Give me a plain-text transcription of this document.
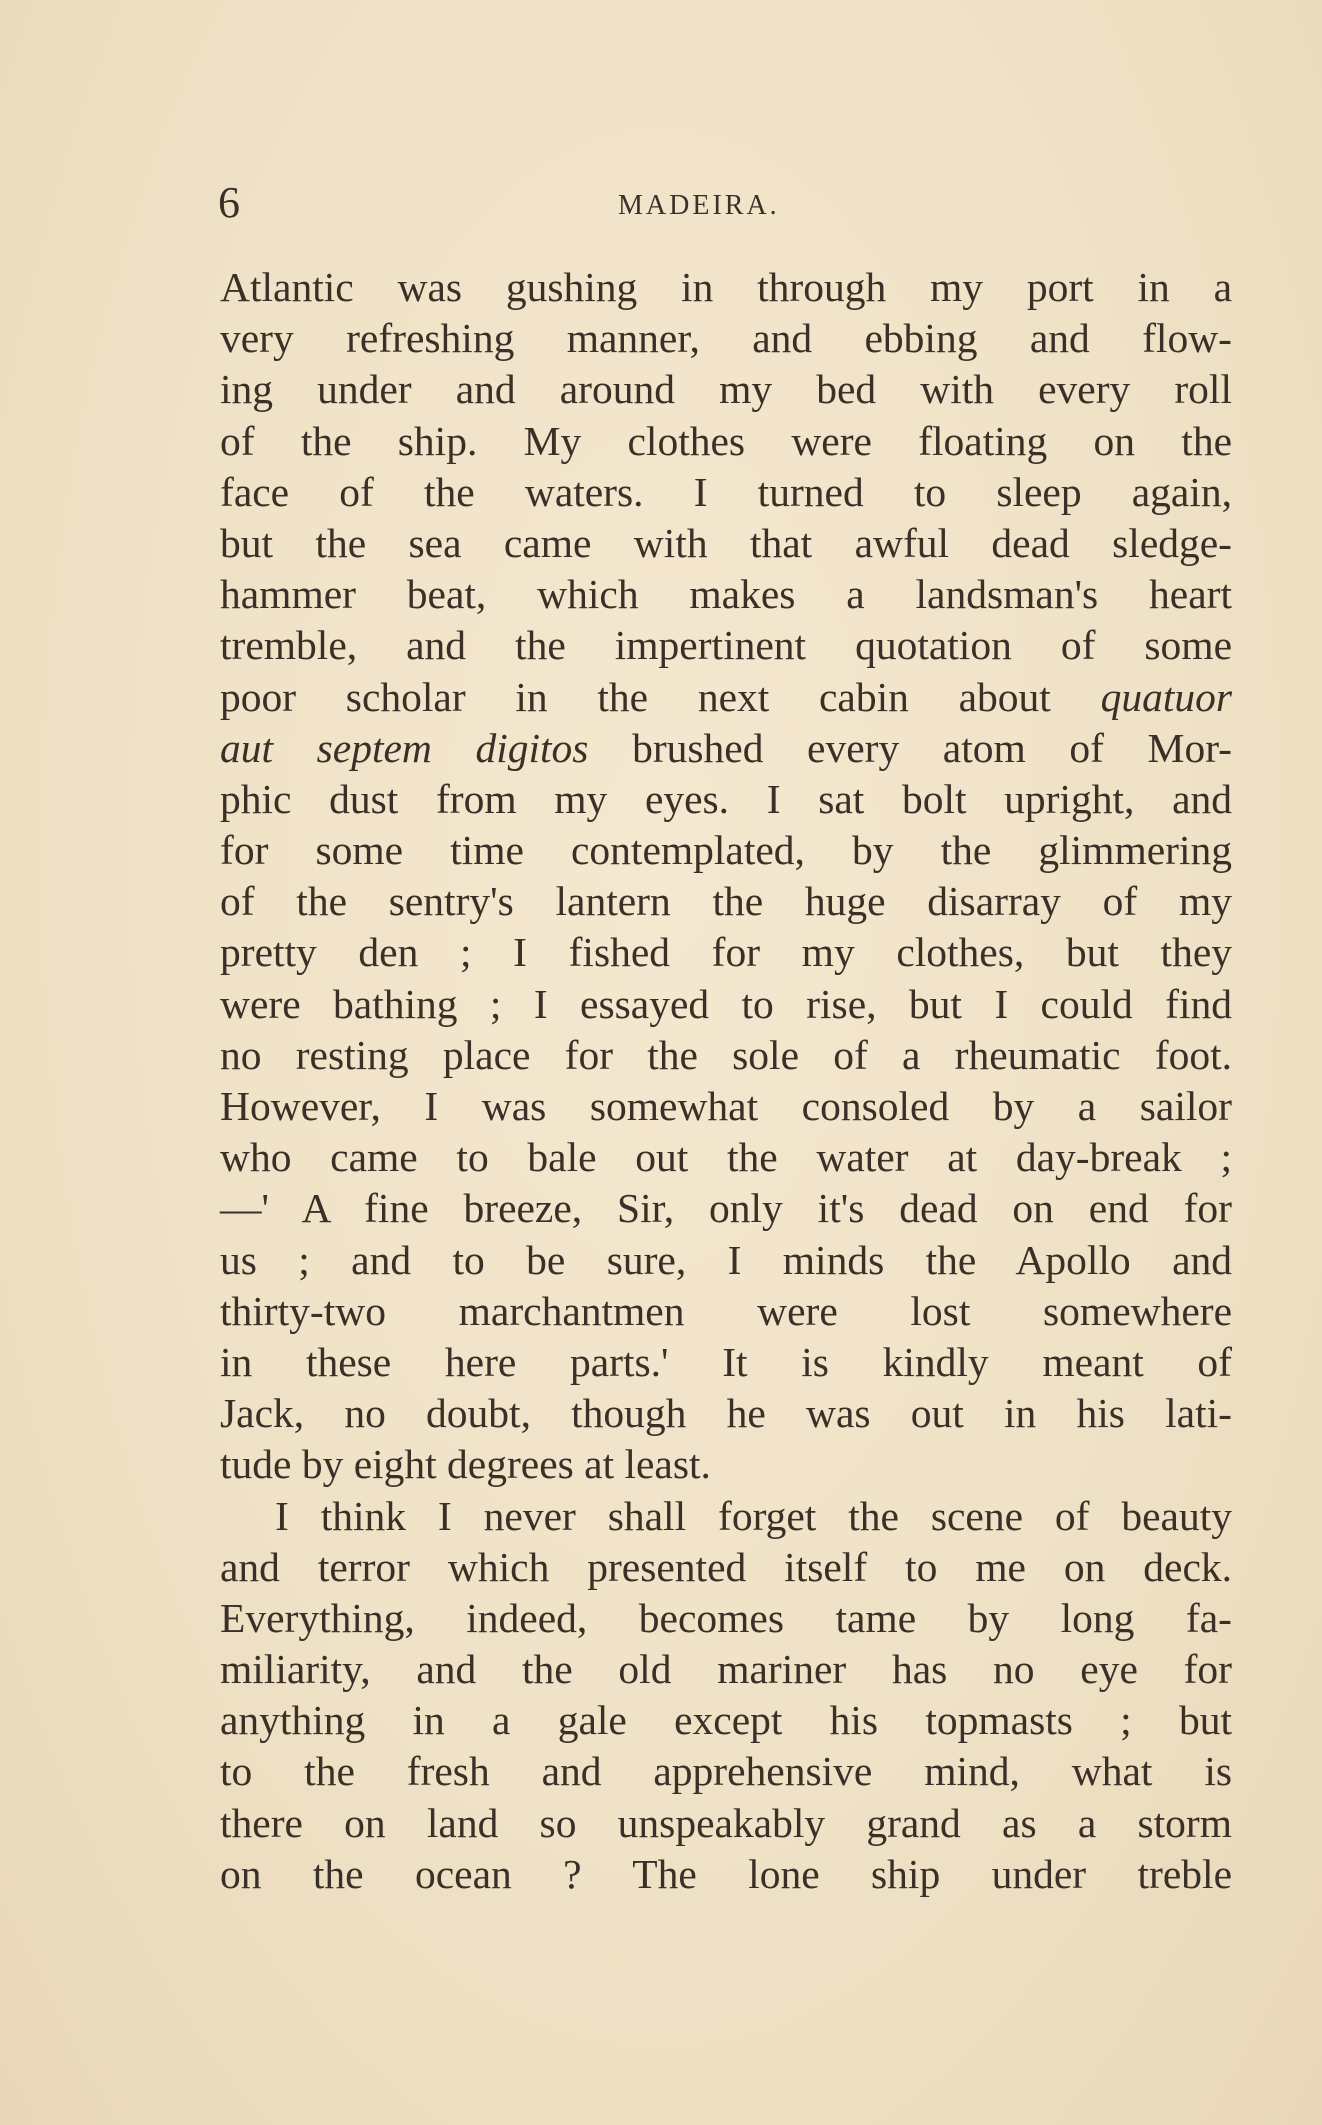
6	MADEIRA.
Atlantic was gushing in through my port in a
very refreshing manner, and ebbing and flow-
ing under and around my bed with every roll
of the ship. My clothes were floating on the
face of the waters. I turned to sleep again,
but the sea came with that awful dead sledge-
hammer beat, which makes a landsman's heart
tremble, and the impertinent quotation of some
poor scholar in the next cabin about quatuor
aut septem digitos brushed every atom of Mor-
phic dust from my eyes. I sat bolt upright, and
for some time contemplated, by the glimmering
of the sentry's lantern the huge disarray of my
pretty den ; I fished for my clothes, but they
were bathing ; I essayed to rise, but I could find
no resting place for the sole of a rheumatic foot.
However, I was somewhat consoled by a sailor
who came to bale out the water at day-break ;
—' A fine breeze, Sir, only it's dead on end for
us ; and to be sure, I minds the Apollo and
thirty-two marchantmen were lost somewhere
in these here parts.' It is kindly meant of
Jack, no doubt, though he was out in his lati-
tude by eight degrees at least.
I think I never shall forget the scene of beauty
and terror which presented itself to me on deck.
Everything, indeed, becomes tame by long fa-
miliarity, and the old mariner has no eye for
anything in a gale except his topmasts ; but
to the fresh and apprehensive mind, what is
there on land so unspeakably grand as a storm
on the ocean ? The lone ship under treble
